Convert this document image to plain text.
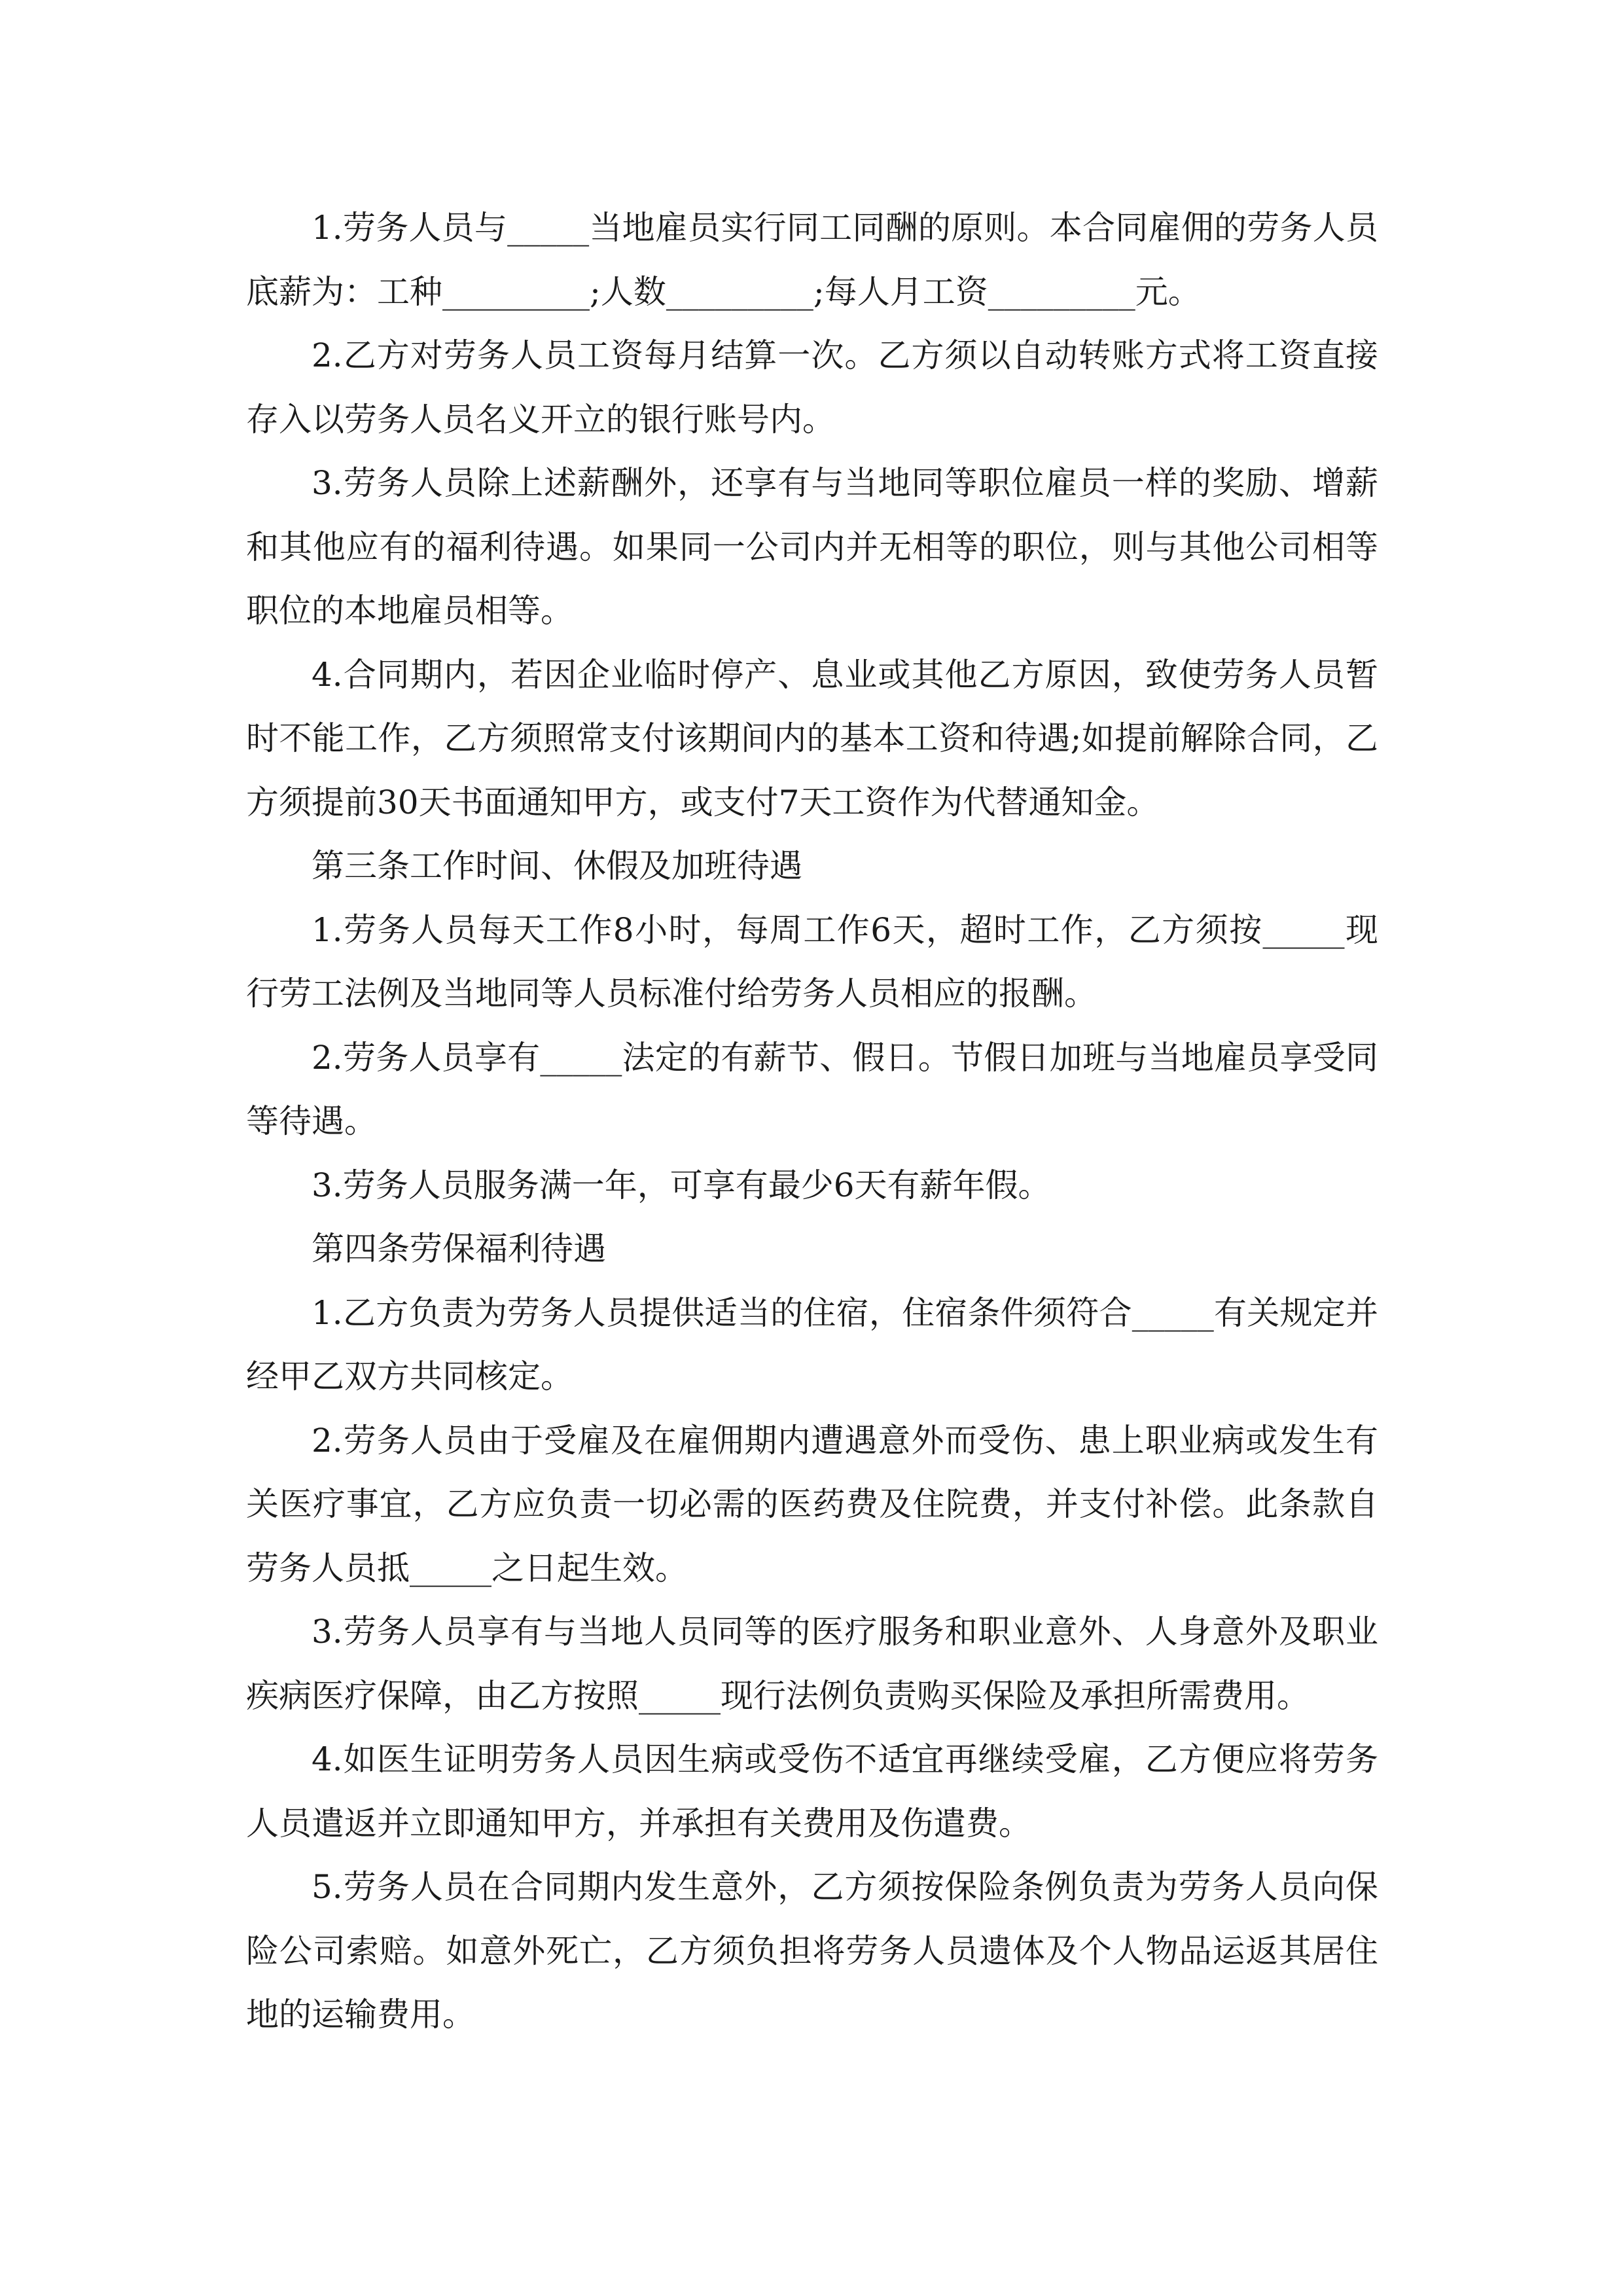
1.劳务人员与_____当地雇员实行同工同酬的原则。本合同雇佣的劳务人员底薪为：工种_________;人数_________;每人月工资_________元。

2.乙方对劳务人员工资每月结算一次。乙方须以自动转账方式将工资直接存入以劳务人员名义开立的银行账号内。

3.劳务人员除上述薪酬外，还享有与当地同等职位雇员一样的奖励、增薪和其他应有的福利待遇。如果同一公司内并无相等的职位，则与其他公司相等职位的本地雇员相等。

4.合同期内，若因企业临时停产、息业或其他乙方原因，致使劳务人员暂时不能工作，乙方须照常支付该期间内的基本工资和待遇;如提前解除合同，乙方须提前30天书面通知甲方，或支付7天工资作为代替通知金。

第三条工作时间、休假及加班待遇

1.劳务人员每天工作8小时，每周工作6天，超时工作，乙方须按_____现行劳工法例及当地同等人员标准付给劳务人员相应的报酬。

2.劳务人员享有_____法定的有薪节、假日。节假日加班与当地雇员享受同等待遇。

3.劳务人员服务满一年，可享有最少6天有薪年假。

第四条劳保福利待遇

1.乙方负责为劳务人员提供适当的住宿，住宿条件须符合_____有关规定并经甲乙双方共同核定。

2.劳务人员由于受雇及在雇佣期内遭遇意外而受伤、患上职业病或发生有关医疗事宜，乙方应负责一切必需的医药费及住院费，并支付补偿。此条款自劳务人员抵_____之日起生效。

3.劳务人员享有与当地人员同等的医疗服务和职业意外、人身意外及职业疾病医疗保障，由乙方按照_____现行法例负责购买保险及承担所需费用。

4.如医生证明劳务人员因生病或受伤不适宜再继续受雇，乙方便应将劳务人员遣返并立即通知甲方，并承担有关费用及伤遣费。

5.劳务人员在合同期内发生意外，乙方须按保险条例负责为劳务人员向保险公司索赔。如意外死亡，乙方须负担将劳务人员遗体及个人物品运返其居住地的运输费用。
